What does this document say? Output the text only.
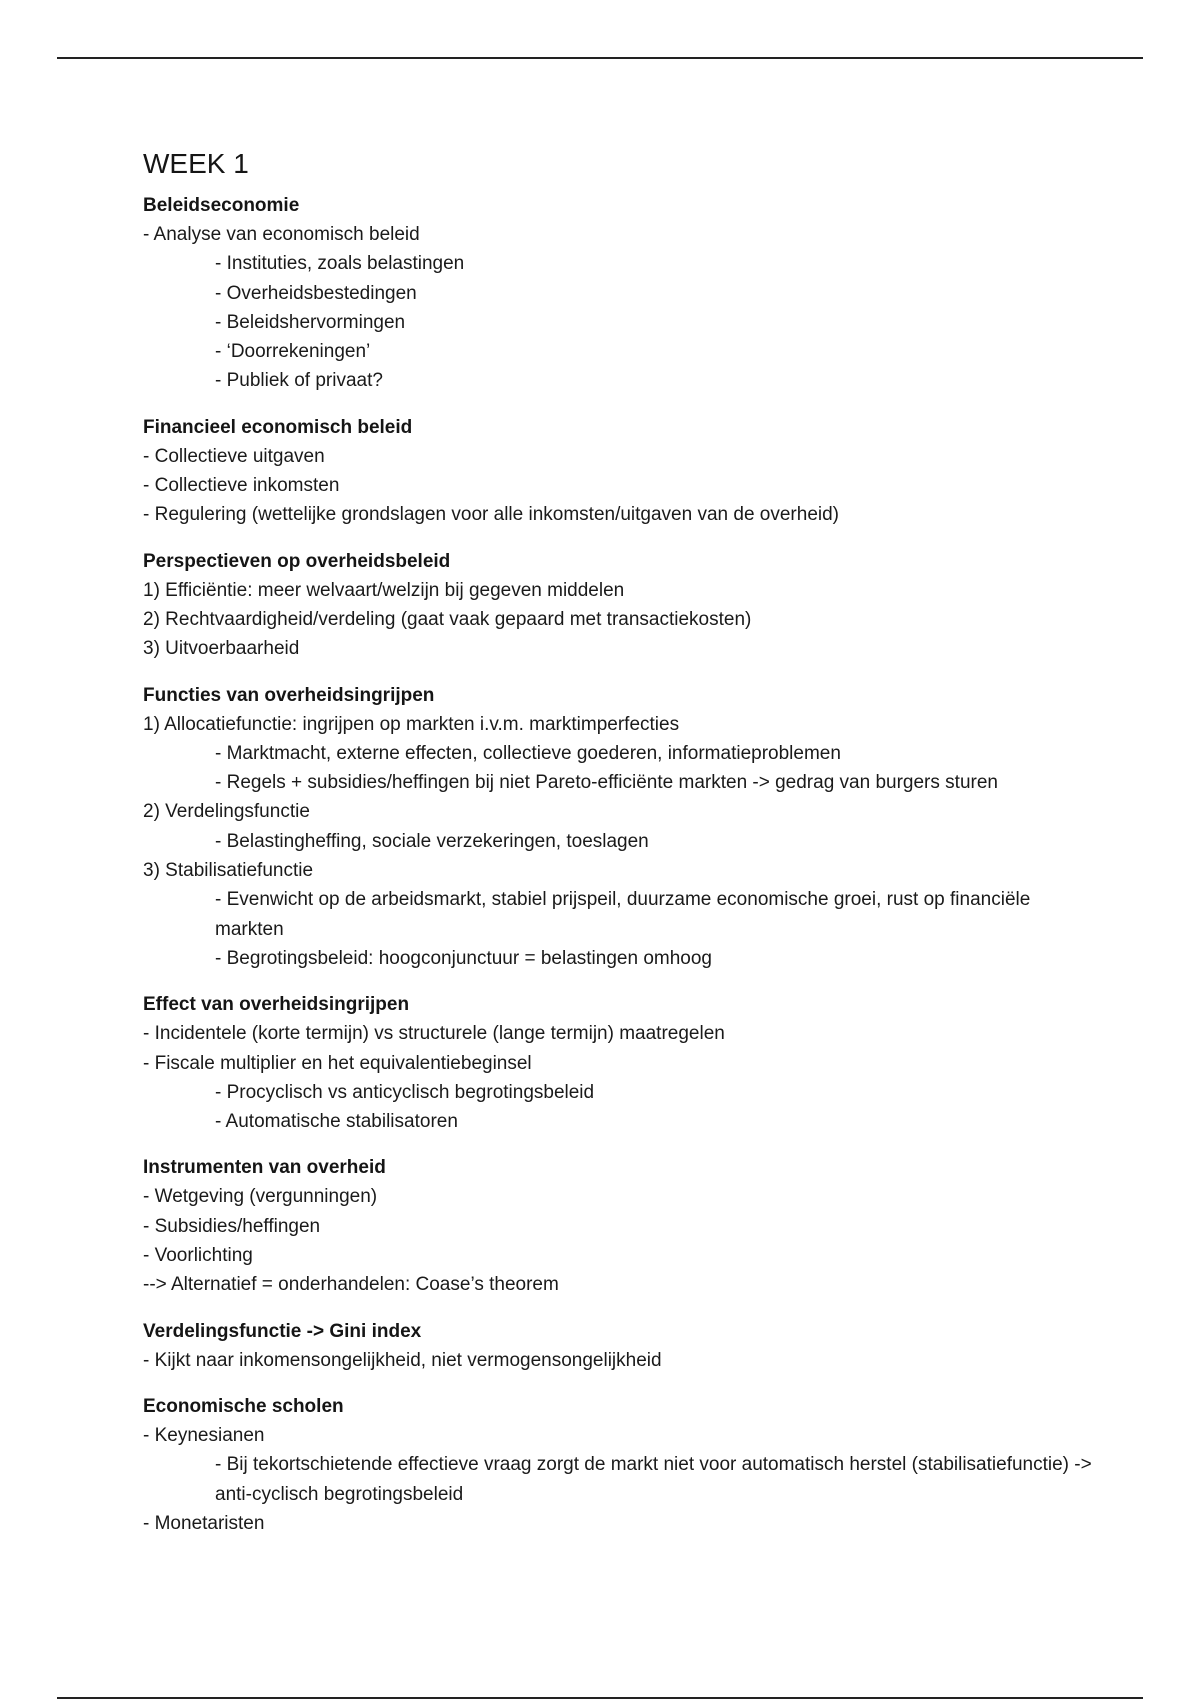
WEEK 1
Beleidseconomie
- Analyse van economisch beleid
- Instituties, zoals belastingen
- Overheidsbestedingen
- Beleidshervormingen
- ‘Doorrekeningen’
- Publiek of privaat?
Financieel economisch beleid
- Collectieve uitgaven
- Collectieve inkomsten
- Regulering (wettelijke grondslagen voor alle inkomsten/uitgaven van de overheid)
Perspectieven op overheidsbeleid
1) Efficiëntie: meer welvaart/welzijn bij gegeven middelen
2) Rechtvaardigheid/verdeling (gaat vaak gepaard met transactiekosten)
3) Uitvoerbaarheid
Functies van overheidsingrijpen
1) Allocatiefunctie: ingrijpen op markten i.v.m. marktimperfecties
- Marktmacht, externe effecten, collectieve goederen, informatieproblemen
- Regels + subsidies/heffingen bij niet Pareto-efficiënte markten -> gedrag van burgers sturen
2) Verdelingsfunctie
- Belastingheffing, sociale verzekeringen, toeslagen
3) Stabilisatiefunctie
- Evenwicht op de arbeidsmarkt, stabiel prijspeil, duurzame economische groei, rust op financiële markten
- Begrotingsbeleid: hoogconjunctuur = belastingen omhoog
Effect van overheidsingrijpen
- Incidentele (korte termijn) vs structurele (lange termijn) maatregelen
- Fiscale multiplier en het equivalentiebeginsel
- Procyclisch vs anticyclisch begrotingsbeleid
- Automatische stabilisatoren
Instrumenten van overheid
- Wetgeving (vergunningen)
- Subsidies/heffingen
- Voorlichting
--> Alternatief = onderhandelen: Coase’s theorem
Verdelingsfunctie -> Gini index
- Kijkt naar inkomensongelijkheid, niet vermogensongelijkheid
Economische scholen
- Keynesianen
- Bij tekortschietende effectieve vraag zorgt de markt niet voor automatisch herstel (stabilisatiefunctie) -> anti-cyclisch begrotingsbeleid
- Monetaristen
